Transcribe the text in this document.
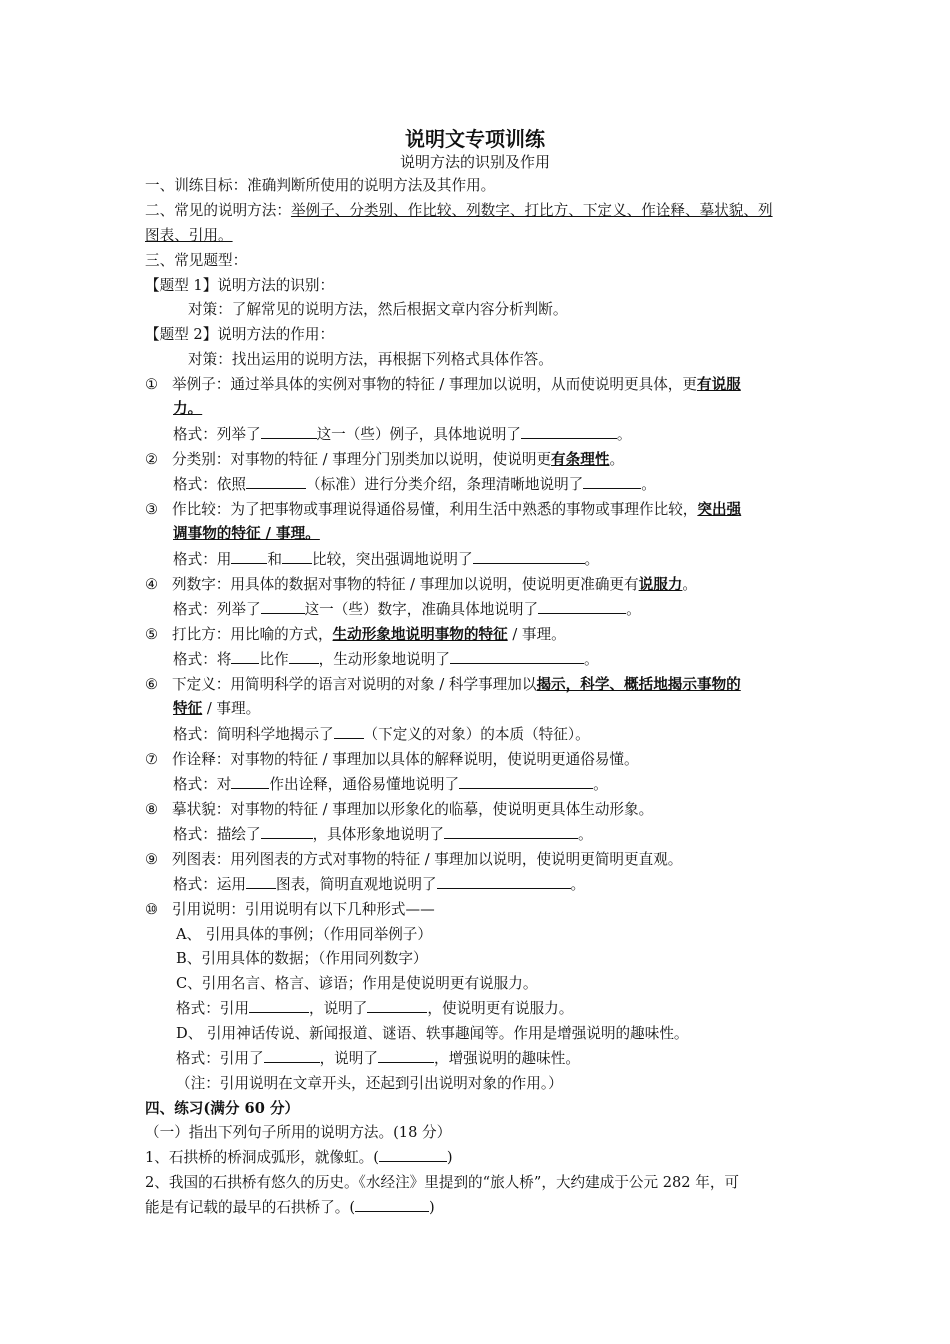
说明文专项训练
说明方法的识别及作用
一、训练目标：准确判断所使用的说明方法及其作用。
二、常见的说明方法：举例子、分类别、作比较、列数字、打比方、下定义、作诠释、摹状貌、列
图表、引用。
三、常见题型：
【题型 1】说明方法的识别：
对策：了解常见的说明方法，然后根据文章内容分析判断。
【题型 2】说明方法的作用：
对策：找出运用的说明方法，再根据下列格式具体作答。
① 举例子：通过举具体的实例对事物的特征 / 事理加以说明，从而使说明更具体，更有说服
力。
格式：列举了	这一（些）例子，具体地说明了	。
② 分类别：对事物的特征 / 事理分门别类加以说明，使说明更有条理性。
格式：依照	（标准）进行分类介绍，条理清晰地说明了	。
③ 作比较：为了把事物或事理说得通俗易懂，利用生活中熟悉的事物或事理作比较，突出强
调事物的特征 / 事理。
格式：用 和 比较，突出强调地说明了	。
④ 列数字：用具体的数据对事物的特征 / 事理加以说明，使说明更准确更有说服力。
格式：列举了	这一（些）数字，准确具体地说明了	。
⑤ 打比方：用比喻的方式，生动形象地说明事物的特征 / 事理。
格式：将 比作 ，生动形象地说明了	。
⑥ 下定义：用简明科学的语言对说明的对象 / 科学事理加以揭示，科学、概括地揭示事物的
特征 / 事理。
格式：简明科学地揭示了 （下定义的对象）的本质（特征）。
⑦ 作诠释：对事物的特征 / 事理加以具体的解释说明，使说明更通俗易懂。
格式：对	作出诠释，通俗易懂地说明了	。
⑧ 摹状貌：对事物的特征 / 事理加以形象化的临摹，使说明更具体生动形象。
格式：描绘了	，具体形象地说明了	。
⑨ 列图表：用列图表的方式对事物的特征 / 事理加以说明，使说明更简明更直观。
格式：运用 图表，简明直观地说明了	。
⑩ 引用说明：引用说明有以下几种形式——
A、 引用具体的事例；（作用同举例子）
B、引用具体的数据；（作用同列数字）
C、引用名言、格言、谚语；作用是使说明更有说服力。
格式：引用	，说明了	，使说明更有说服力。
D、 引用神话传说、新闻报道、谜语、轶事趣闻等。作用是增强说明的趣味性。
格式：引用了	，说明了	，增强说明的趣味性。
（注：引用说明在文章开头，还起到引出说明对象的作用。）
四、练习(满分 60 分）
（一）指出下列句子所用的说明方法。(18 分）
1、石拱桥的桥洞成弧形，就像虹。(	)
2、我国的石拱桥有悠久的历史。《水经注》里提到的“旅人桥”，大约建成于公元 282 年，可
能是有记载的最早的石拱桥了。(	)
